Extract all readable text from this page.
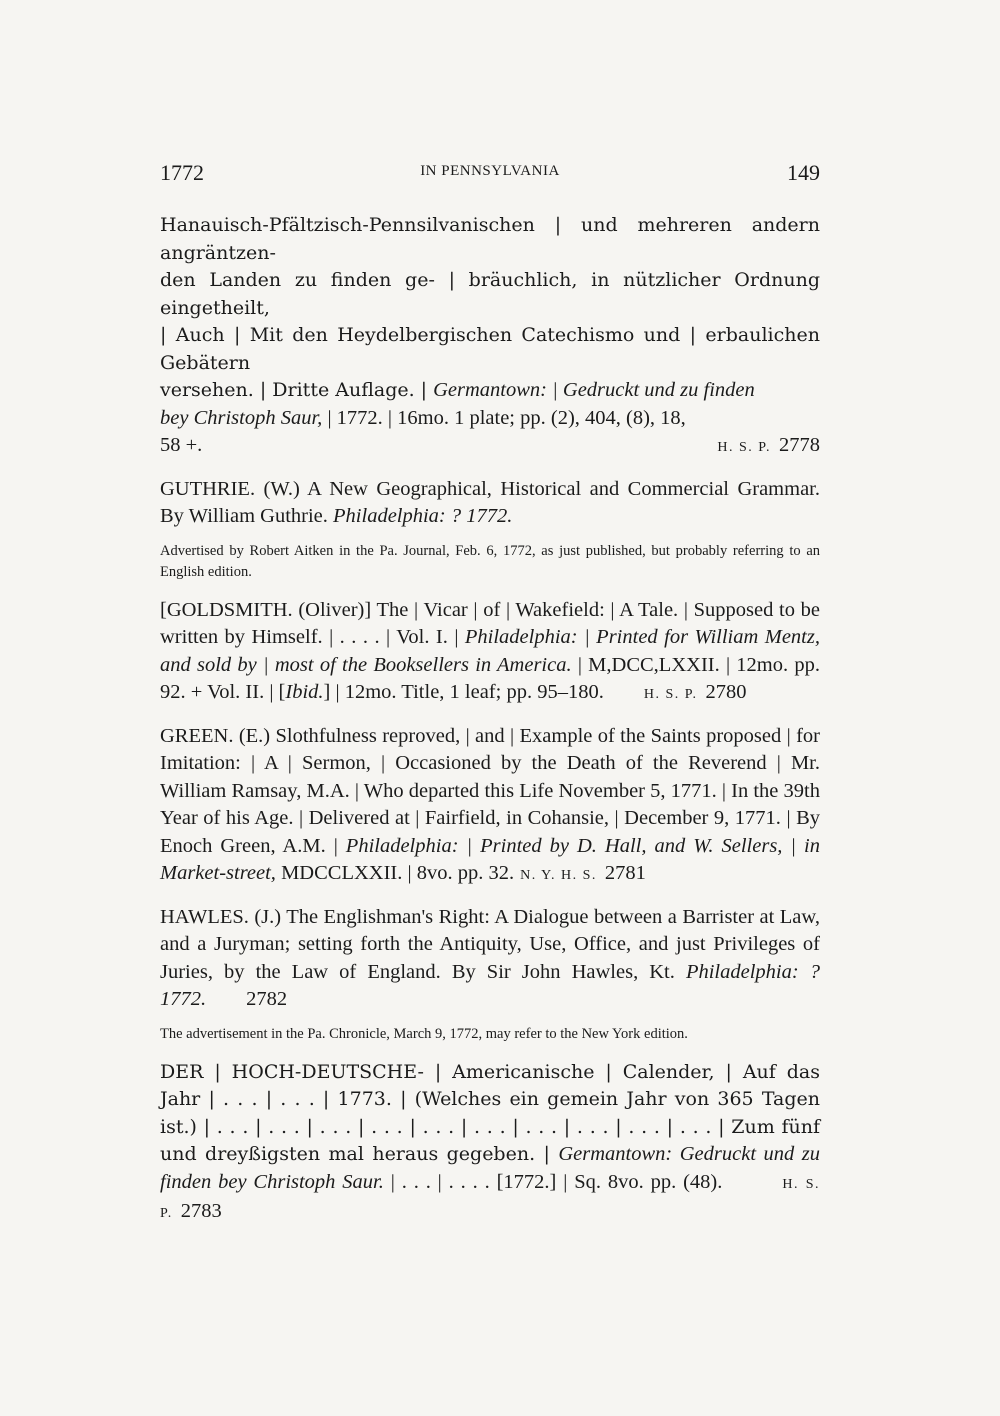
1772	IN PENNSYLVANIA	149
Hanauisch-Pfältzisch-Pennsilvanischen | und mehreren andern angräntzen-
den Landen zu finden ge- | bräuchlich, in nützlicher Ordnung eingetheilt,
| Auch | Mit den Heydelbergischen Catechismo und | erbaulichen Gebätern
versehen. | Dritte Auflage. | Germantown: | Gedruckt und zu finden
bey Christoph Saur, | 1772. | 16mo. 1 plate; pp. (2), 404, (8), 18,
58 +.	H. S. P. 2778

GUTHRIE. (W.) A New Geographical, Historical and Commercial Grammar. By William Guthrie. Philadelphia: ? 1772.

Advertised by Robert Aitken in the Pa. Journal, Feb. 6, 1772, as just published, but probably referring to an English edition.

[GOLDSMITH. (Oliver)] The | Vicar | of | Wakefield: | A Tale. | Supposed to be written by Himself. | . . . . | Vol. I. | Philadelphia: | Printed for William Mentz, and sold by | most of the Booksellers in America. | M,DCC,LXXII. | 12mo. pp. 92. + Vol. II. | [Ibid.] | 12mo. Title, 1 leaf; pp. 95–180.	H. S. P. 2780

GREEN. (E.) Slothfulness reproved, | and | Example of the Saints proposed | for Imitation: | A | Sermon, | Occasioned by the Death of the Reverend | Mr. William Ramsay, M.A. | Who departed this Life November 5, 1771. | In the 39th Year of his Age. | Delivered at | Fairfield, in Cohansie, | December 9, 1771. | By Enoch Green, A.M. | Philadelphia: | Printed by D. Hall, and W. Sellers, | in Market-street, MDCCLXXII. | 8vo. pp. 32. N. Y. H. S. 2781

HAWLES. (J.) The Englishman's Right: A Dialogue between a Barrister at Law, and a Juryman; setting forth the Antiquity, Use, Office, and just Privileges of Juries, by the Law of England. By Sir John Hawles, Kt. Philadelphia: ? 1772. 2782

The advertisement in the Pa. Chronicle, March 9, 1772, may refer to the New York edition.

DER | HOCH-DEUTSCHE- | Americanische | Calender, | Auf das Jahr | . . . | . . . | 1773. | (Welches ein gemein Jahr von 365 Tagen ist.) | . . . | . . . | . . . | . . . | . . . | . . . | . . . | . . . | . . . | . . . | Zum fünf und dreyßigsten mal heraus gegeben. | Germantown: Gedruckt und zu finden bey Christoph Saur. | . . . | . . . . [1772.] | Sq. 8vo. pp. (48).	H. S. P. 2783
